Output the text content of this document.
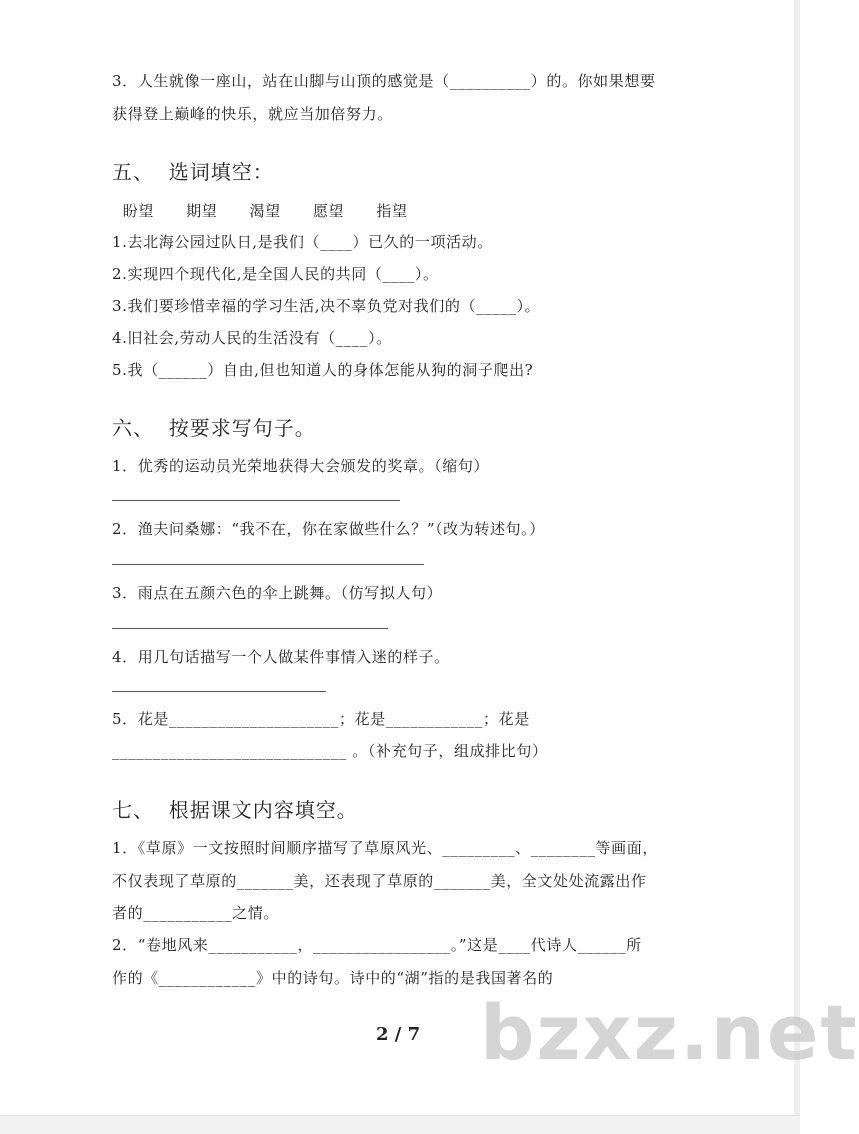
3．人生就像一座山，站在山脚与山顶的感觉是（__________）的。你如果想要
获得登上巅峰的快乐，就应当加倍努力。
五、  选词填空：
盼望      期望      渴望      愿望      指望
1.去北海公园过队日,是我们（____）已久的一项活动。
2.实现四个现代化,是全国人民的共同（____）。
3.我们要珍惜幸福的学习生活,决不辜负党对我们的（_____）。
4.旧社会,劳动人民的生活没有（____）。
5.我（______）自由,但也知道人的身体怎能从狗的洞子爬出?
六、  按要求写句子。
1．优秀的运动员光荣地获得大会颁发的奖章。（缩句）
2．渔夫问桑娜：“我不在，你在家做些什么？”（改为转述句。）
3．雨点在五颜六色的伞上跳舞。（仿写拟人句）
4．用几句话描写一个人做某件事情入迷的样子。
5．花是_____________________；花是____________；花是
_____________________________ 。（补充句子，组成排比句）
七、  根据课文内容填空。
1．《草原》一文按照时间顺序描写了草原风光、_________、________等画面，
不仅表现了草原的_______美，还表现了草原的_______美，全文处处流露出作
者的___________之情。
2．“卷地风来___________，_________________。”这是____代诗人______所
作的《____________》中的诗句。诗中的“湖”指的是我国著名的
2 / 7 bzxz.net
